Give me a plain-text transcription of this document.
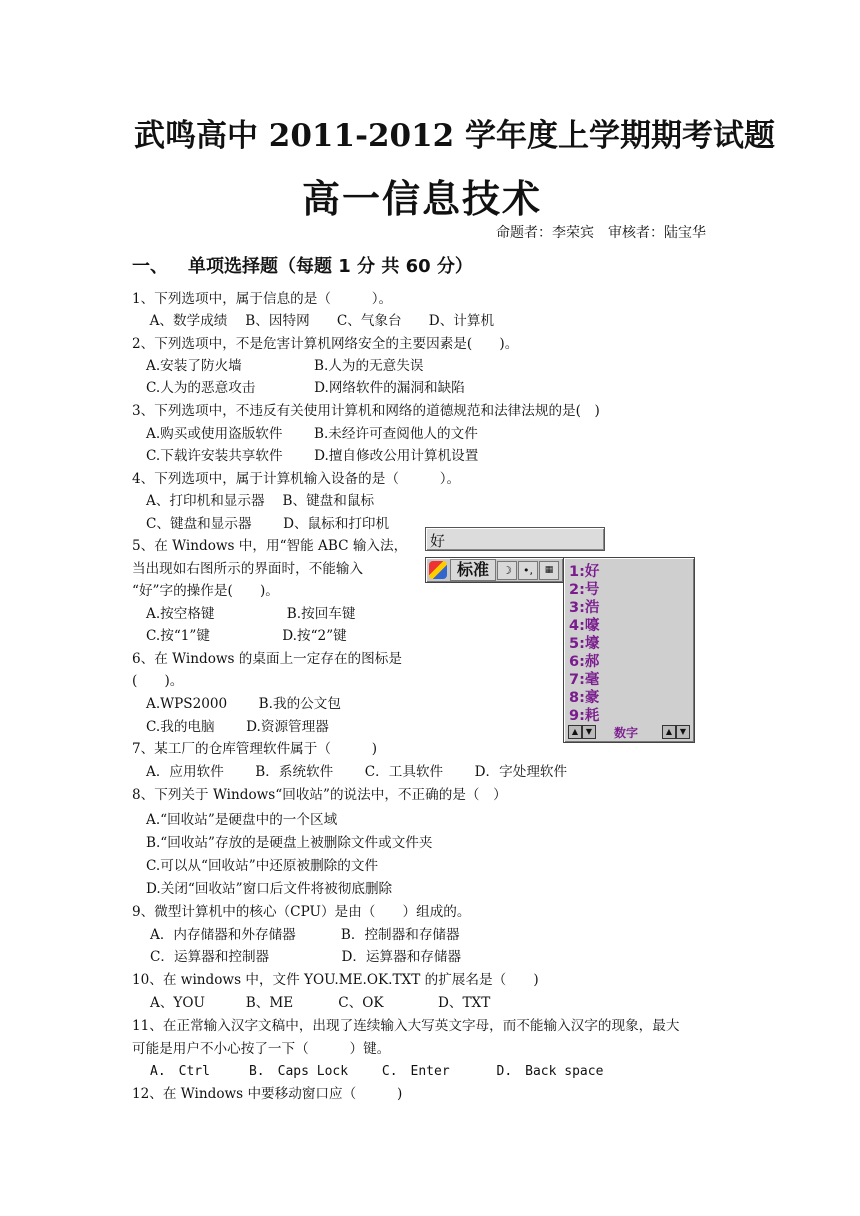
武鸣高中 2011-2012 学年度上学期期考试题
高一信息技术
命题者：李荣宾　审核者：陆宝华
一、 单项选择题（每题 1 分 共 60 分）
1、下列选项中，属于信息的是（　　　）。
　A、数学成绩　 B、因特网　　C、气象台　　D、计算机
2、下列选项中，不是危害计算机网络安全的主要因素是(　　)。
A.安装了防火墙　　　　　 B.人为的无意失误
C.人为的恶意攻击　　　　 D.网络软件的漏洞和缺陷
3、下列选项中，不违反有关使用计算机和网络的道德规范和法律法规的是(　)
A.购买或使用盗版软件　　 B.未经许可查阅他人的文件
C.下载许安装共享软件　　 D.擅自修改公用计算机设置
4、下列选项中，属于计算机输入设备的是（　　　）。
A、打印机和显示器　 B、键盘和鼠标
C、键盘和显示器　　 D、鼠标和打印机
5、在 Windows 中，用“智能 ABC 输入法，
当出现如右图所示的界面时，不能输入
“好”字的操作是(　　)。
A.按空格键　　　　　 B.按回车键
C.按“1”键　　　　　 D.按“2”键
6、在 Windows 的桌面上一定存在的图标是
(　　)。
A.WPS2000　　 B.我的公文包
C.我的电脑　　 D.资源管理器
7、某工厂的仓库管理软件属于（　　　)
A．应用软件　　 B．系统软件　　 C．工具软件　　 D．字处理软件
8、下列关于 Windows“回收站”的说法中，不正确的是（　）
A.“回收站”是硬盘中的一个区域
B.“回收站”存放的是硬盘上被删除文件或文件夹
C.可以从“回收站”中还原被删除的文件
D.关闭“回收站”窗口后文件将被彻底删除
9、微型计算机中的核心（CPU）是由（　　）组成的。
A．内存储器和外存储器　　　 B．控制器和存储器
C．运算器和控制器　　　　　 D．运算器和存储器
10、在 windows 中，文件 YOU.ME.OK.TXT 的扩展名是（　　)
A、YOU　　　B、ME　　　 C、OK　　　　D、TXT
11、在正常输入汉字文稿中，出现了连续输入大写英文字母，而不能输入汉字的现象，最大
可能是用户不小心按了一下（　　　）键。
A.　Ctrl　　　B.　Caps Lock　　 C.　Enter　　　 D.　Back space
12、在 Windows 中要移动窗口应（　　　)
好
标准	☽	•,	▦	1:好
2:号
3:浩
4:嚎
5:壕
6:郝
7:毫
8:豪
9:耗
▲ ▼	数字	▲ ▼
